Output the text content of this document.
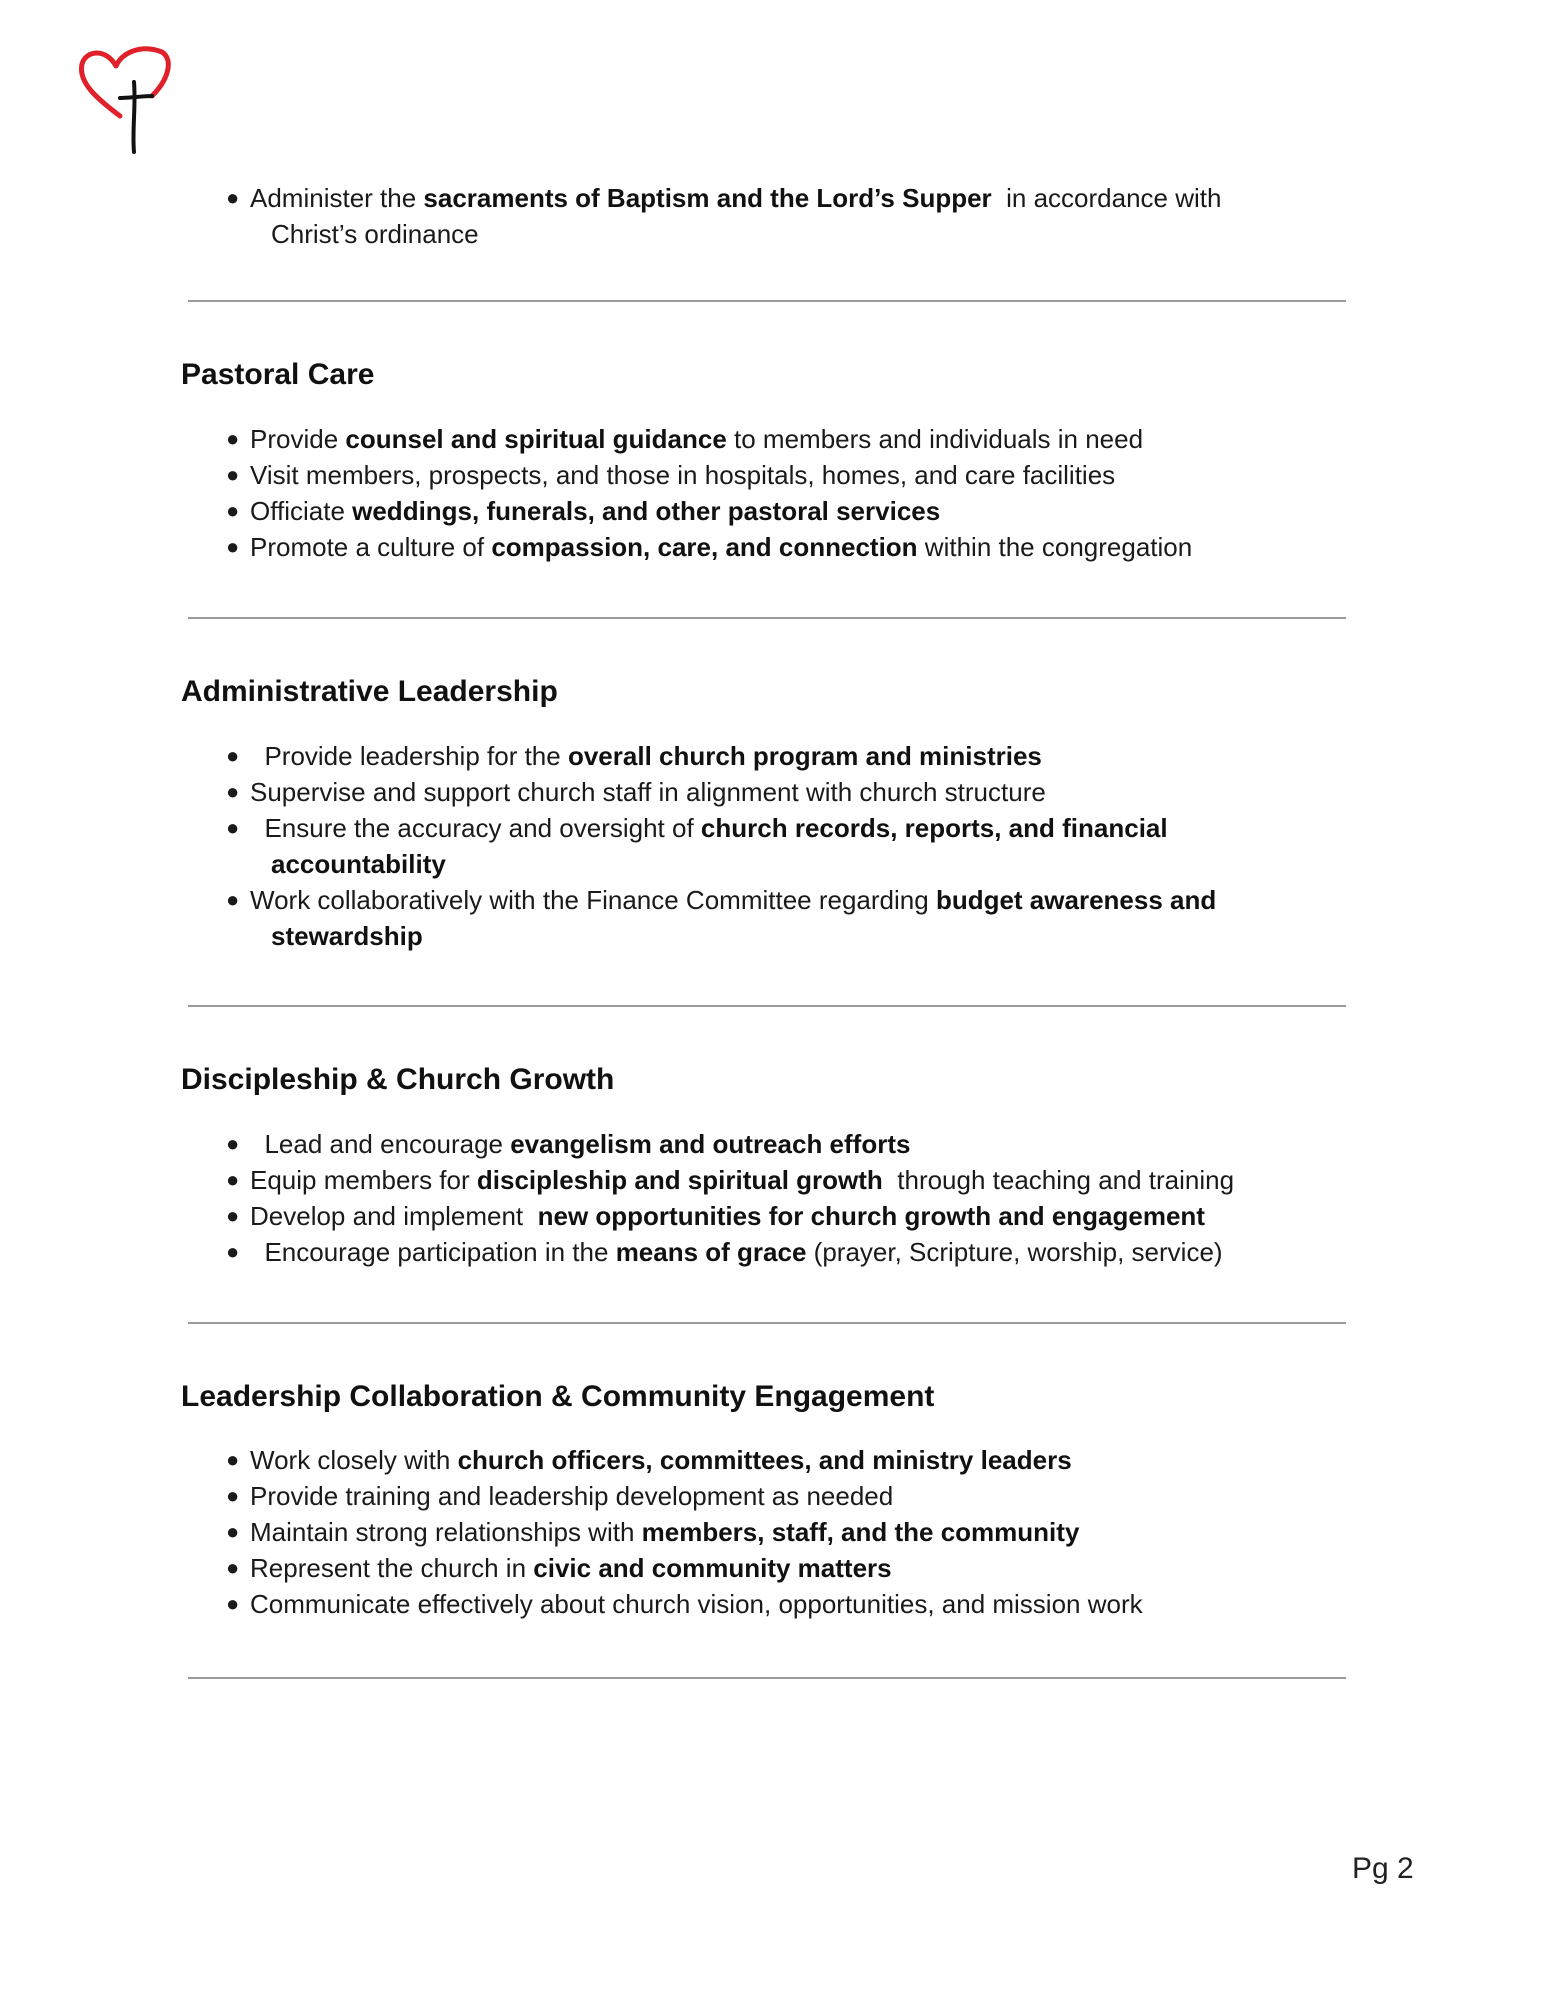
● Administer the sacraments of Baptism and the Lord’s Supper  in accordance with
Christ’s ordinance
Pastoral Care
● Provide counsel and spiritual guidance to members and individuals in need
● Visit members, prospects, and those in hospitals, homes, and care facilities
● Officiate weddings, funerals, and other pastoral services
● Promote a culture of compassion, care, and connection within the congregation
Administrative Leadership
● Provide leadership for the overall church program and ministries
● Supervise and support church staff in alignment with church structure
● Ensure the accuracy and oversight of church records, reports, and financial
accountability
● Work collaboratively with the Finance Committee regarding budget awareness and
stewardship
Discipleship & Church Growth
● Lead and encourage evangelism and outreach efforts
● Equip members for discipleship and spiritual growth  through teaching and training
● Develop and implement  new opportunities for church growth and engagement
● Encourage participation in the means of grace (prayer, Scripture, worship, service)
Leadership Collaboration & Community Engagement
● Work closely with church officers, committees, and ministry leaders
● Provide training and leadership development as needed
● Maintain strong relationships with members, staff, and the community
● Represent the church in civic and community matters
● Communicate effectively about church vision, opportunities, and mission work
Pg 2
